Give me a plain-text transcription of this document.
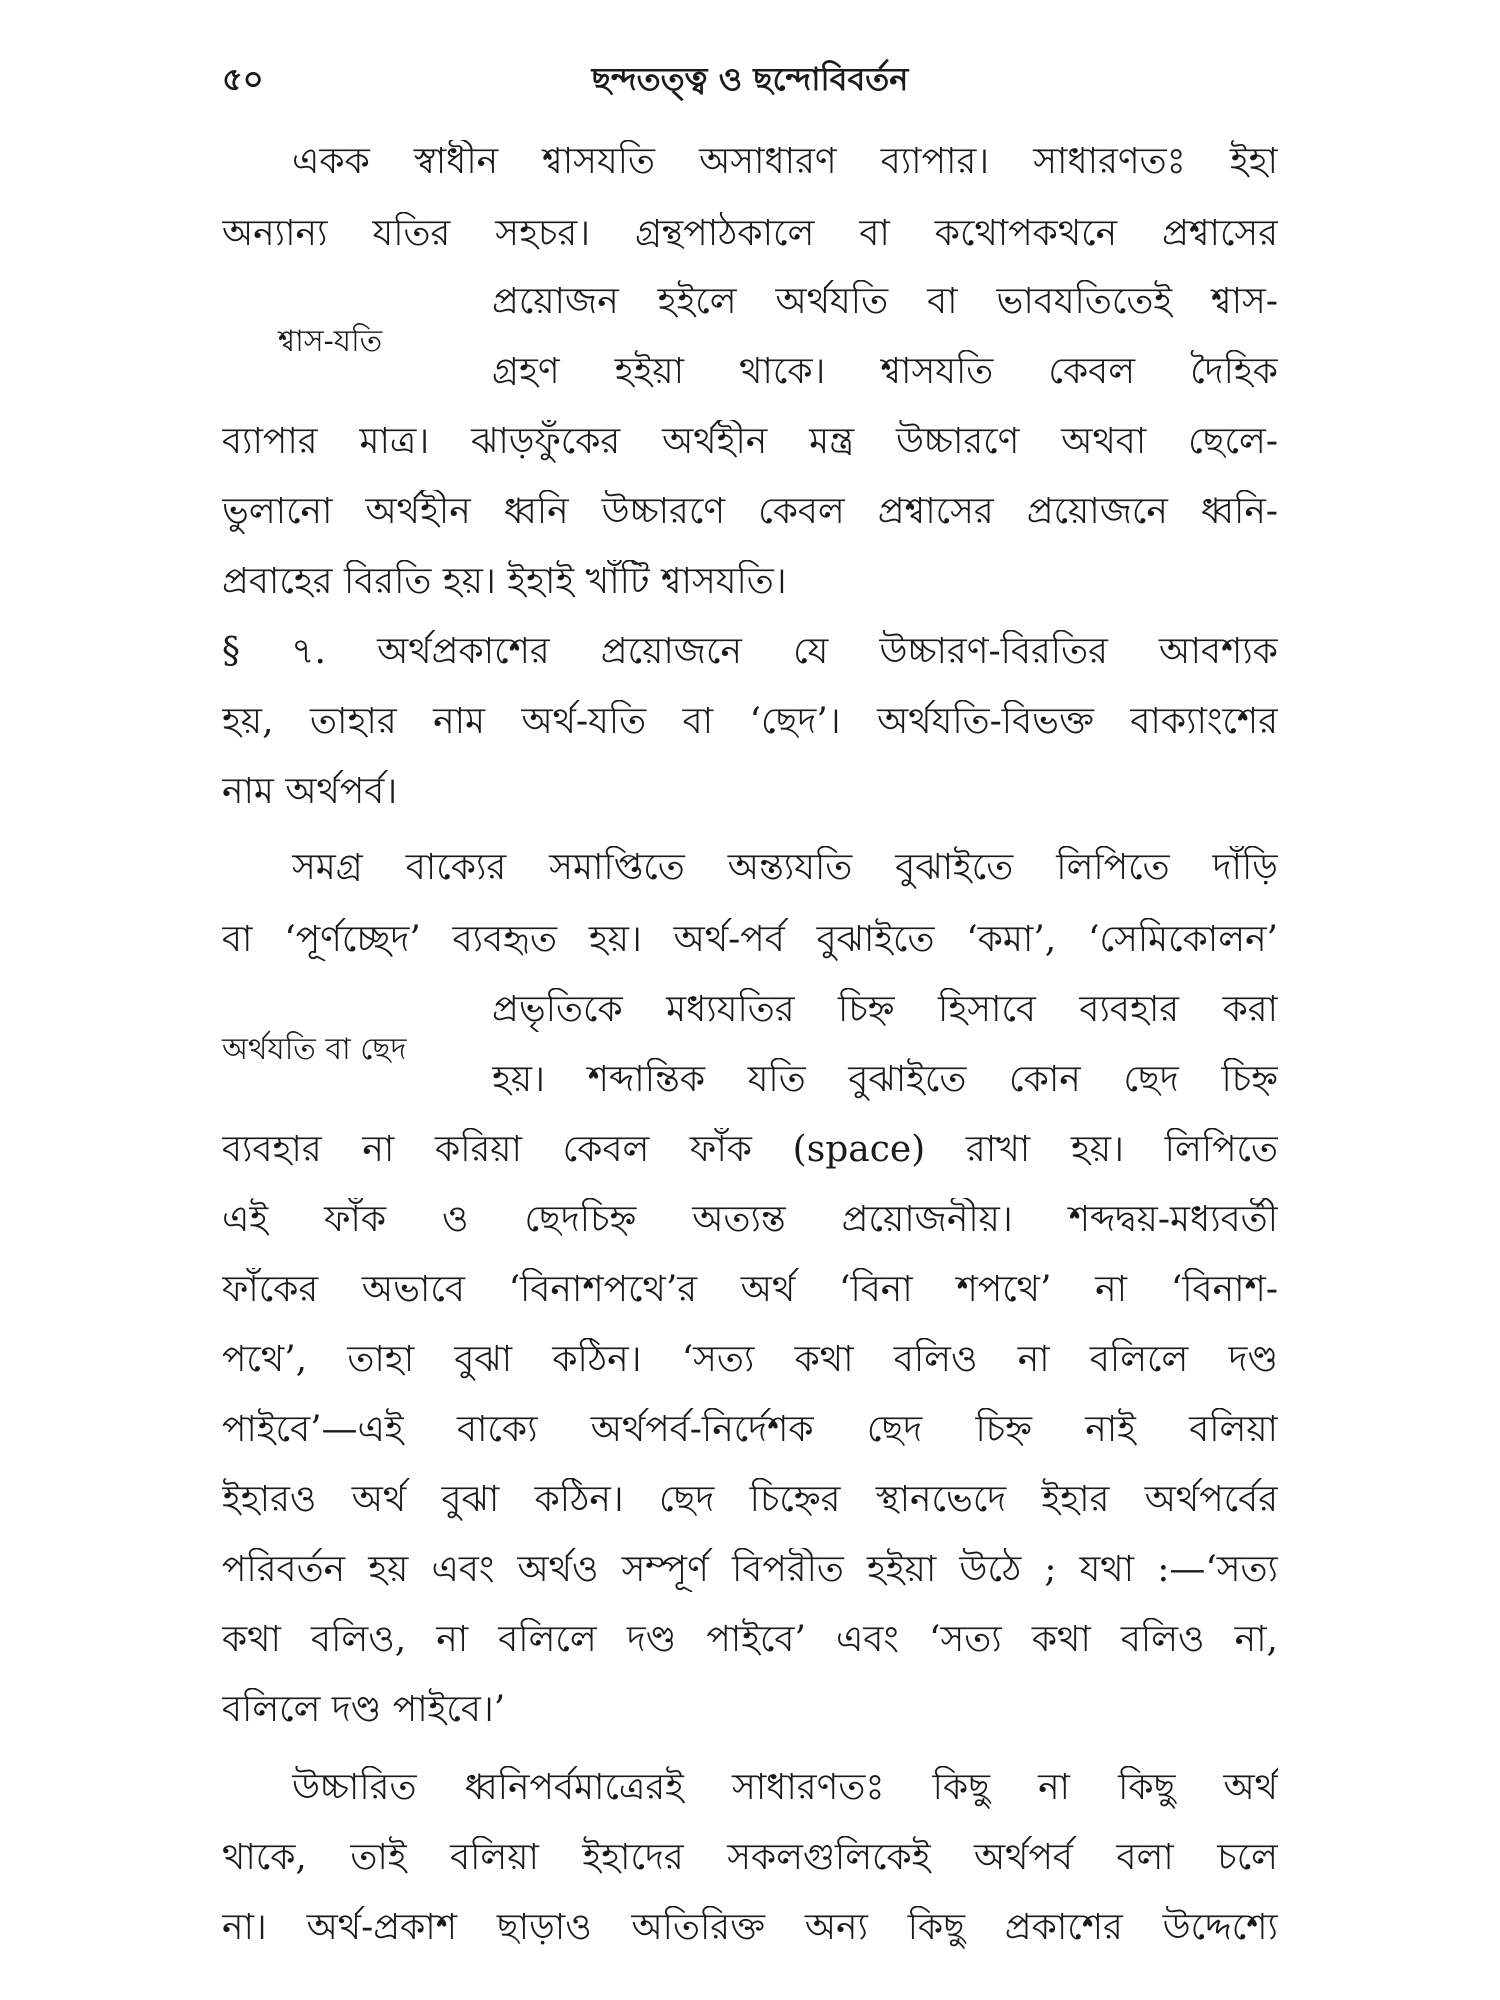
৫০	ছন্দতত্ত্ব ও ছন্দোবিবর্তন
শ্বাস-যতি
অর্থযতি বা ছেদ

একক স্বাধীন শ্বাসযতি অসাধারণ ব্যাপার। সাধারণতঃ ইহা

অন্যান্য যতির সহচর। গ্রন্থপাঠকালে বা কথোপকথনে প্রশ্বাসের

প্রয়োজন হইলে অর্থযতি বা ভাবযতিতেই শ্বাস-

গ্রহণ হইয়া থাকে। শ্বাসযতি কেবল দৈহিক

ব্যাপার মাত্র। ঝাড়ফুঁকের অর্থহীন মন্ত্র উচ্চারণে অথবা ছেলে-

ভুলানো অর্থহীন ধ্বনি উচ্চারণে কেবল প্রশ্বাসের প্রয়োজনে ধ্বনি-

প্রবাহের বিরতি হয়। ইহাই খাঁটি শ্বাসযতি।

§ ৭. অর্থপ্রকাশের প্রয়োজনে যে উচ্চারণ-বিরতির আবশ্যক

হয়, তাহার নাম অর্থ-যতি বা ‘ছেদ’। অর্থযতি-বিভক্ত বাক্যাংশের

নাম অর্থপর্ব।

সমগ্র বাক্যের সমাপ্তিতে অন্ত্যযতি বুঝাইতে লিপিতে দাঁড়ি

বা ‘পূর্ণচ্ছেদ’ ব্যবহৃত হয়। অর্থ-পর্ব বুঝাইতে ‘কমা’, ‘সেমিকোলন’

প্রভৃতিকে মধ্যযতির চিহ্ন হিসাবে ব্যবহার করা

হয়। শব্দান্তিক যতি বুঝাইতে কোন ছেদ চিহ্ন

ব্যবহার না করিয়া কেবল ফাঁক (space) রাখা হয়। লিপিতে

এই ফাঁক ও ছেদচিহ্ন অত্যন্ত প্রয়োজনীয়। শব্দদ্বয়-মধ্যবর্তী

ফাঁকের অভাবে ‘বিনাশপথে’র অর্থ ‘বিনা শপথে’ না ‘বিনাশ-

পথে’, তাহা বুঝা কঠিন। ‘সত্য কথা বলিও না বলিলে দণ্ড

পাইবে’—এই বাক্যে অর্থপর্ব-নির্দেশক ছেদ চিহ্ন নাই বলিয়া

ইহারও অর্থ বুঝা কঠিন। ছেদ চিহ্নের স্থানভেদে ইহার অর্থপর্বের

পরিবর্তন হয় এবং অর্থও সম্পূর্ণ বিপরীত হইয়া উঠে ; যথা :—‘সত্য

কথা বলিও, না বলিলে দণ্ড পাইবে’ এবং ‘সত্য কথা বলিও না,

বলিলে দণ্ড পাইবে।’

উচ্চারিত ধ্বনিপর্বমাত্রেরই সাধারণতঃ কিছু না কিছু অর্থ

থাকে, তাই বলিয়া ইহাদের সকলগুলিকেই অর্থপর্ব বলা চলে

না। অর্থ-প্রকাশ ছাড়াও অতিরিক্ত অন্য কিছু প্রকাশের উদ্দেশ্যে
